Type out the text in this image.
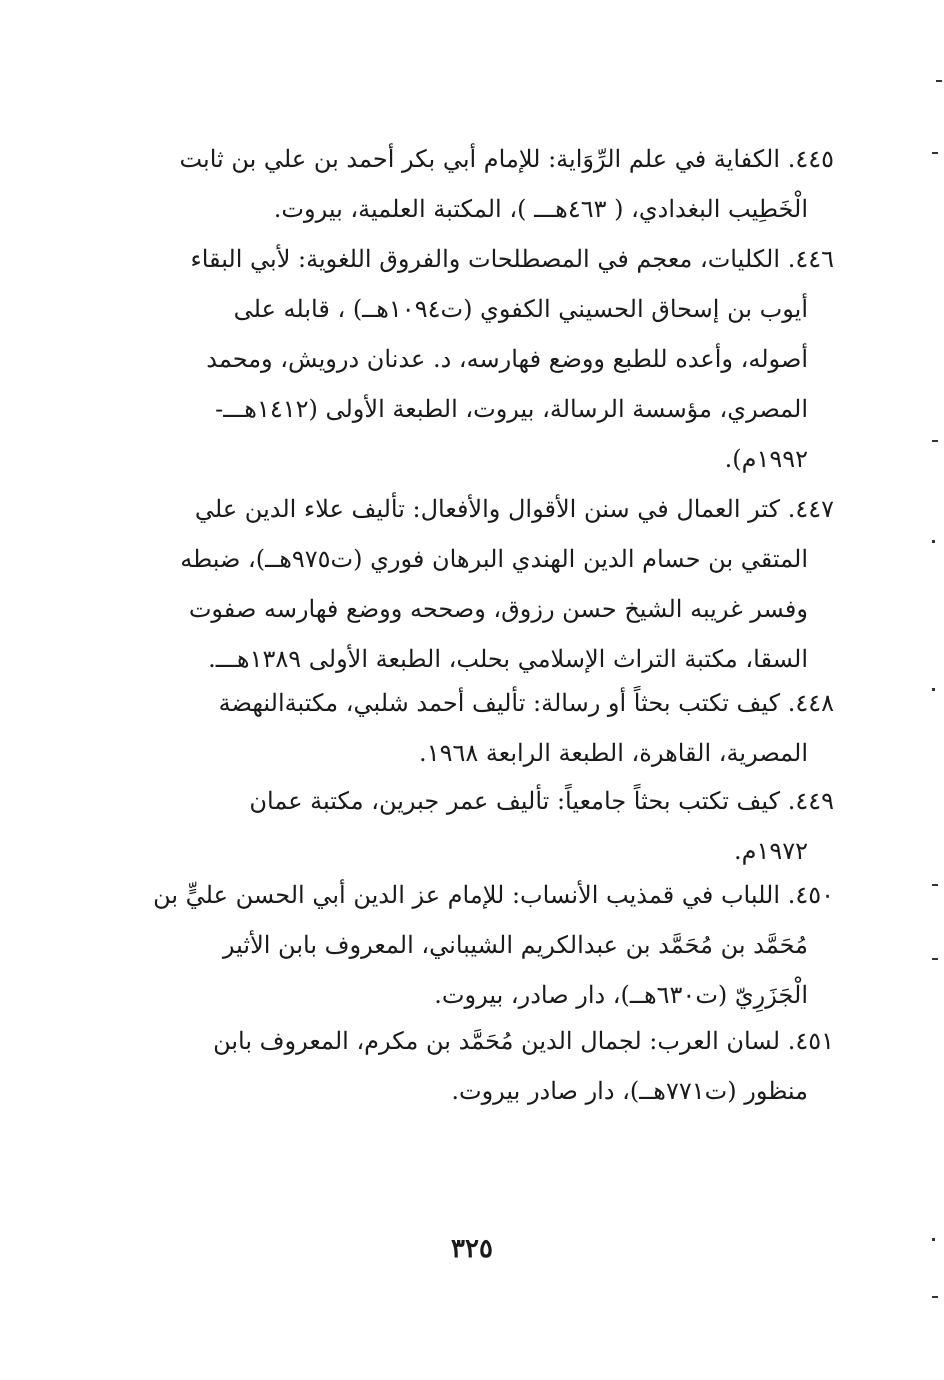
٤٤٥. الكفاية في علم الرِّوَاية: للإمام أبي بكر أحمد بن علي بن ثابت
الْخَطِيب البغدادي، ( ٤٦٣هـــ )، المكتبة العلمية، بيروت.
٤٤٦. الكليات، معجم في المصطلحات والفروق اللغوية: لأبي البقاء
أيوب بن إسحاق الحسيني الكفوي (ت١٠٩٤هــ) ، قابله على
أصوله، وأعده للطبع ووضع فهارسه، د. عدنان درويش، ومحمد
المصري، مؤسسة الرسالة، بيروت، الطبعة الأولى (١٤١٢هـــ-
١٩٩٢م).
٤٤٧. كتر العمال في سنن الأقوال والأفعال: تأليف علاء الدين علي
المتقي بن حسام الدين الهندي البرهان فوري (ت٩٧٥هــ)، ضبطه
وفسر غريبه الشيخ حسن رزوق، وصححه ووضع فهارسه صفوت
السقا، مكتبة التراث الإسلامي بحلب، الطبعة الأولى ١٣٨٩هـــ.
٤٤٨. كيف تكتب بحثاً أو رسالة: تأليف أحمد شلبي، مكتبةالنهضة
المصرية، القاهرة، الطبعة الرابعة ١٩٦٨.
٤٤٩. كيف تكتب بحثاً جامعياً: تأليف عمر جبرين، مكتبة عمان
١٩٧٢م.
٤٥٠. اللباب في قمذيب الأنساب: للإمام عز الدين أبي الحسن عليٍّ بن
مُحَمَّد بن مُحَمَّد بن عبدالكريم الشيباني، المعروف بابن الأثير
الْجَزَرِيّ (ت٦٣٠هــ)، دار صادر، بيروت.
٤٥١. لسان العرب: لجمال الدين مُحَمَّد بن مكرم، المعروف بابن
منظور (ت٧٧١هــ)، دار صادر بيروت.
٣٢٥
